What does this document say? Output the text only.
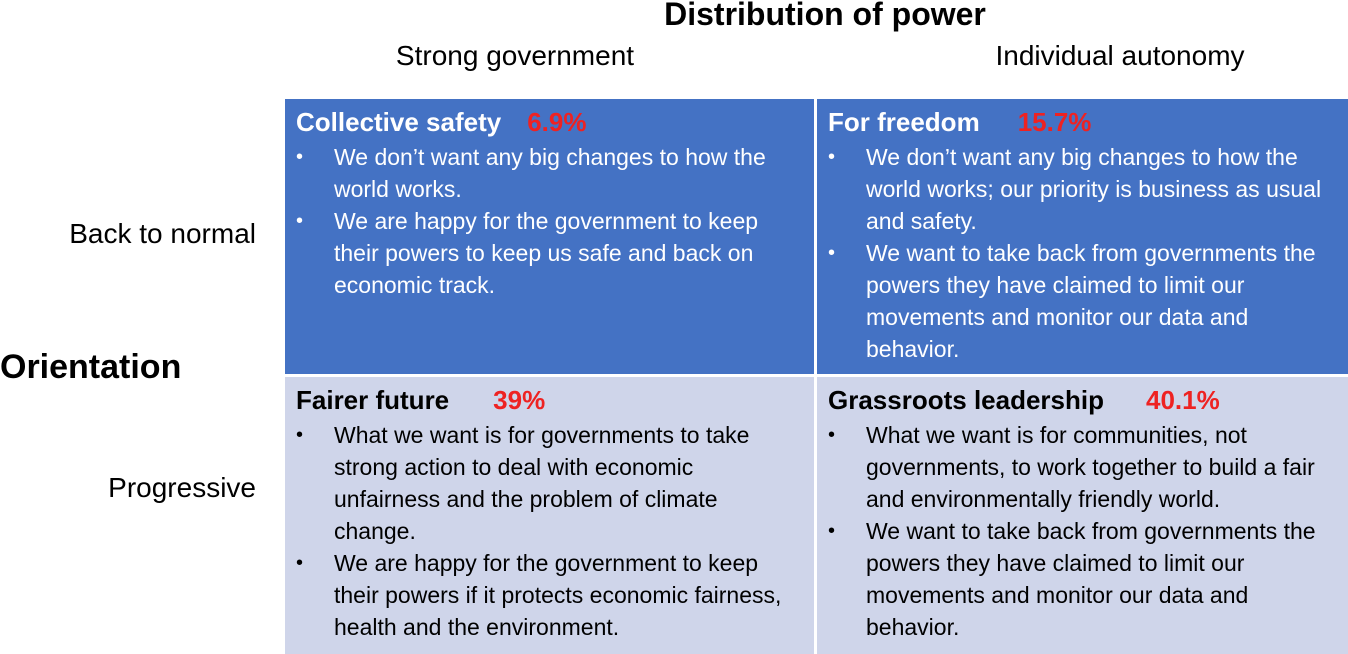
Distribution of power
Strong government	Individual autonomy
Orientation
Back to normal
Progressive
Collective safety 6.9%
• We don’t want any big changes to how the world works.
• We are happy for the government to keep their powers to keep us safe and back on economic track.
For freedom 15.7%
• We don’t want any big changes to how the world works; our priority is business as usual and safety.
• We want to take back from governments the powers they have claimed to limit our movements and monitor our data and behavior.
Fairer future 39%
• What we want is for governments to take strong action to deal with economic unfairness and the problem of climate change.
• We are happy for the government to keep their powers if it protects economic fairness, health and the environment.
Grassroots leadership 40.1%
• What we want is for communities, not governments, to work together to build a fair and environmentally friendly world.
• We want to take back from governments the powers they have claimed to limit our movements and monitor our data and behavior.
